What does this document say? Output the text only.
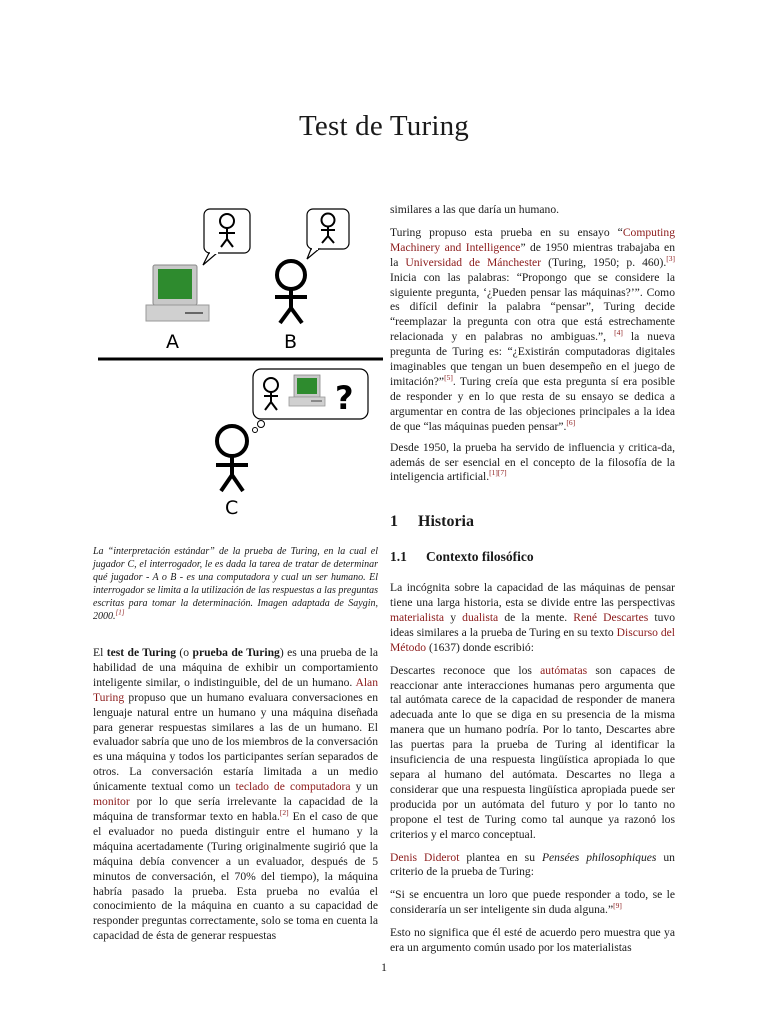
Test de Turing
A	B
?
C
La “interpretación estándar” de la prueba de Turing, en la cual el jugador C, el interrogador, le es dada la tarea de tratar de determinar qué jugador - A o B - es una computadora y cual un ser humano. El interrogador se limita a la utilización de las respuestas a las preguntas escritas para tomar la determinación. Imagen adaptada de Saygin, 2000.[1]

El test de Turing (o prueba de Turing) es una prueba de la habilidad de una máquina de exhibir un comportamiento inteligente similar, o indistinguible, del de un humano. Alan Turing propuso que un humano evaluara conversaciones en lenguaje natural entre un humano y una máquina diseñada para generar respuestas similares a las de un humano. El evaluador sabría que uno de los miembros de la conversación es una máquina y todos los participantes serían separados de otros. La conversación estaría limitada a un medio únicamente textual como un teclado de computadora y un monitor por lo que sería irrelevante la capacidad de la máquina de transformar texto en habla.[2] En el caso de que el evaluador no pueda distinguir entre el humano y la máquina acertadamente (Turing originalmente sugirió que la máquina debía convencer a un evaluador, después de 5 minutos de conversación, el 70% del tiempo), la máquina habría pasado la prueba. Esta prueba no evalúa el conocimiento de la máquina en cuanto a su capacidad de responder preguntas correctamente, solo se toma en cuenta la capacidad de ésta de generar respuestas

similares a las que daría un humano.

Turing propuso esta prueba en su ensayo “Computing Machinery and Intelligence” de 1950 mientras trabajaba en la Universidad de Mánchester (Turing, 1950; p. 460).[3] Inicia con las palabras: “Propongo que se considere la siguiente pregunta, ‘¿Pueden pensar las máquinas?’”. Como es difícil definir la palabra “pensar”, Turing decide “reemplazar la pregunta con otra que está estrechamente relacionada y en palabras no ambiguas.”, [4] la nueva pregunta de Turing es: “¿Existirán computadoras digitales imaginables que tengan un buen desempeño en el juego de imitación?”[5]. Turing creía que esta pregunta sí era posible de responder y en lo que resta de su ensayo se dedica a argumentar en contra de las objeciones principales a la idea de que “las máquinas pueden pensar”.[6]

Desde 1950, la prueba ha servido de influencia y critica-da, además de ser esencial en el concepto de la filosofía de la inteligencia artificial.[1][7]

1 Historia
1.1 Contexto filosófico

La incógnita sobre la capacidad de las máquinas de pensar tiene una larga historia, esta se divide entre las perspectivas materialista y dualista de la mente. René Descartes tuvo ideas similares a la prueba de Turing en su texto Discurso del Método (1637) donde escribió:

Descartes reconoce que los autómatas son capaces de reaccionar ante interacciones humanas pero argumenta que tal autómata carece de la capacidad de responder de manera adecuada ante lo que se diga en su presencia de la misma manera que un humano podría. Por lo tanto, Descartes abre las puertas para la prueba de Turing al identificar la insuficiencia de una respuesta lingüística apropiada lo que separa al humano del autómata. Descartes no llega a considerar que una respuesta lingüística apropiada puede ser producida por un autómata del futuro y por lo tanto no propone el test de Turing como tal aunque ya razonó los criterios y el marco conceptual.

Denis Diderot plantea en su Pensées philosophiques un criterio de la prueba de Turing:

“Si se encuentra un loro que puede responder a todo, se le consideraría un ser inteligente sin duda alguna.”[9]

Esto no significa que él esté de acuerdo pero muestra que ya era un argumento común usado por los materialistas

1
